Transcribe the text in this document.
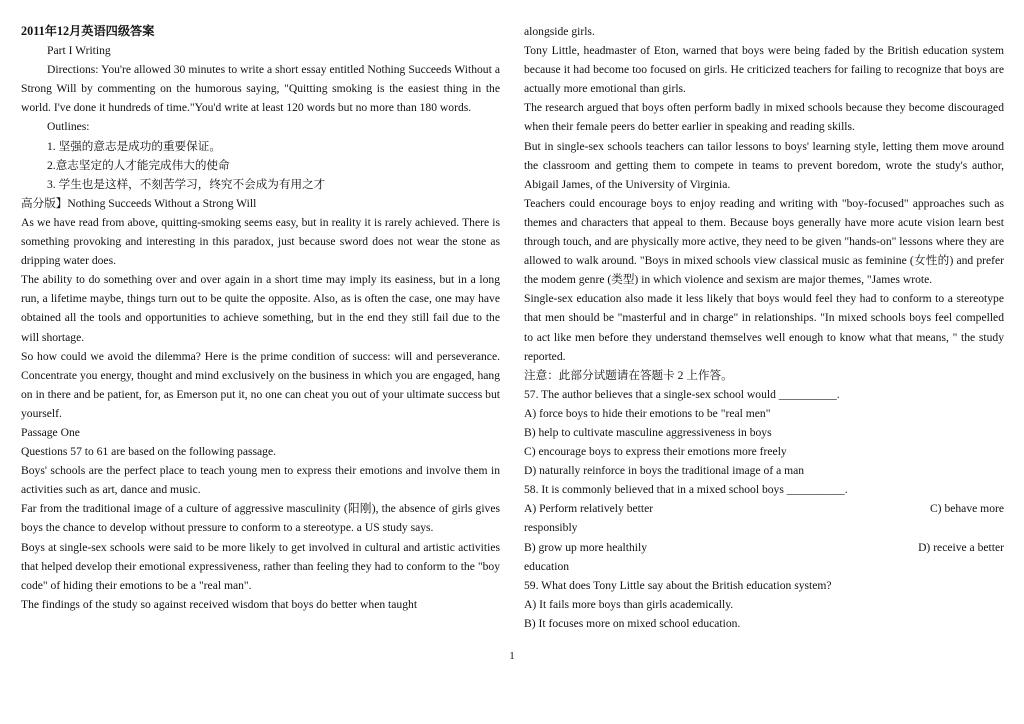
2011年12月英语四级答案

Part I Writing

Directions: You're allowed 30 minutes to write a short essay entitled Nothing Succeeds Without a Strong Will by commenting on the humorous saying, "Quitting smoking is the easiest thing in the world. I've done it hundreds of time."You'd write at least 120 words but no more than 180 words.

Outlines:

1. 坚强的意志是成功的重要保证。

2.意志坚定的人才能完成伟大的使命

3. 学生也是这样，不刻苦学习，终究不会成为有用之才

高分版】Nothing Succeeds Without a Strong Will

As we have read from above, quitting-smoking seems easy, but in reality it is rarely achieved. There is something provoking and interesting in this paradox, just because sword does not wear the stone as dripping water does.

The ability to do something over and over again in a short time may imply its easiness, but in a long run, a lifetime maybe, things turn out to be quite the opposite. Also, as is often the case, one may have obtained all the tools and opportunities to achieve something, but in the end they still fail due to the will shortage.

So how could we avoid the dilemma? Here is the prime condition of success: will and perseverance. Concentrate you energy, thought and mind exclusively on the business in which you are engaged, hang on in there and be patient, for, as Emerson put it, no one can cheat you out of your ultimate success but yourself.

Passage One

Questions 57 to 61 are based on the following passage.

Boys' schools are the perfect place to teach young men to express their emotions and involve them in activities such as art, dance and music.

Far from the traditional image of a culture of aggressive masculinity (阳刚), the absence of girls gives boys the chance to develop without pressure to conform to a stereotype. a US study says.

Boys at single-sex schools were said to be more likely to get involved in cultural and artistic activities that helped develop their emotional expressiveness, rather than feeling they had to conform to the "boy code" of hiding their emotions to be a "real man".

The findings of the study so against received wisdom that boys do better when taught

alongside girls.

Tony Little, headmaster of Eton, warned that boys were being faded by the British education system because it had become too focused on girls. He criticized teachers for failing to recognize that boys are actually more emotional than girls.

The research argued that boys often perform badly in mixed schools because they become discouraged when their female peers do better earlier in speaking and reading skills.

But in single-sex schools teachers can tailor lessons to boys' learning style, letting them move around the classroom and getting them to compete in teams to prevent boredom, wrote the study's author, Abigail James, of the University of Virginia.

Teachers could encourage boys to enjoy reading and writing with "boy-focused" approaches such as themes and characters that appeal to them. Because boys generally have more acute vision learn best through touch, and are physically more active, they need to be given "hands-on" lessons where they are allowed to walk around. "Boys in mixed schools view classical music as feminine (女性的) and prefer the modem genre (类型) in which violence and sexism are major themes, "James wrote.

Single-sex education also made it less likely that boys would feel they had to conform to a stereotype that men should be "masterful and in charge" in relationships. "In mixed schools boys feel compelled to act like men before they understand themselves well enough to know what that means, " the study reported.

注意：此部分试题请在答题卡 2 上作答。

57. The author believes that a single-sex school would __________.

A) force boys to hide their emotions to be "real men"

B) help to cultivate masculine aggressiveness in boys

C) encourage boys to express their emotions more freely

D) naturally reinforce in boys the traditional image of a man

58. It is commonly believed that in a mixed school boys __________.

A) Perform relatively better	C) behave more

responsibly

B) grow up more healthily	D) receive a better

education

59. What does Tony Little say about the British education system?

A) It fails more boys than girls academically.

B) It focuses more on mixed school education.

1
